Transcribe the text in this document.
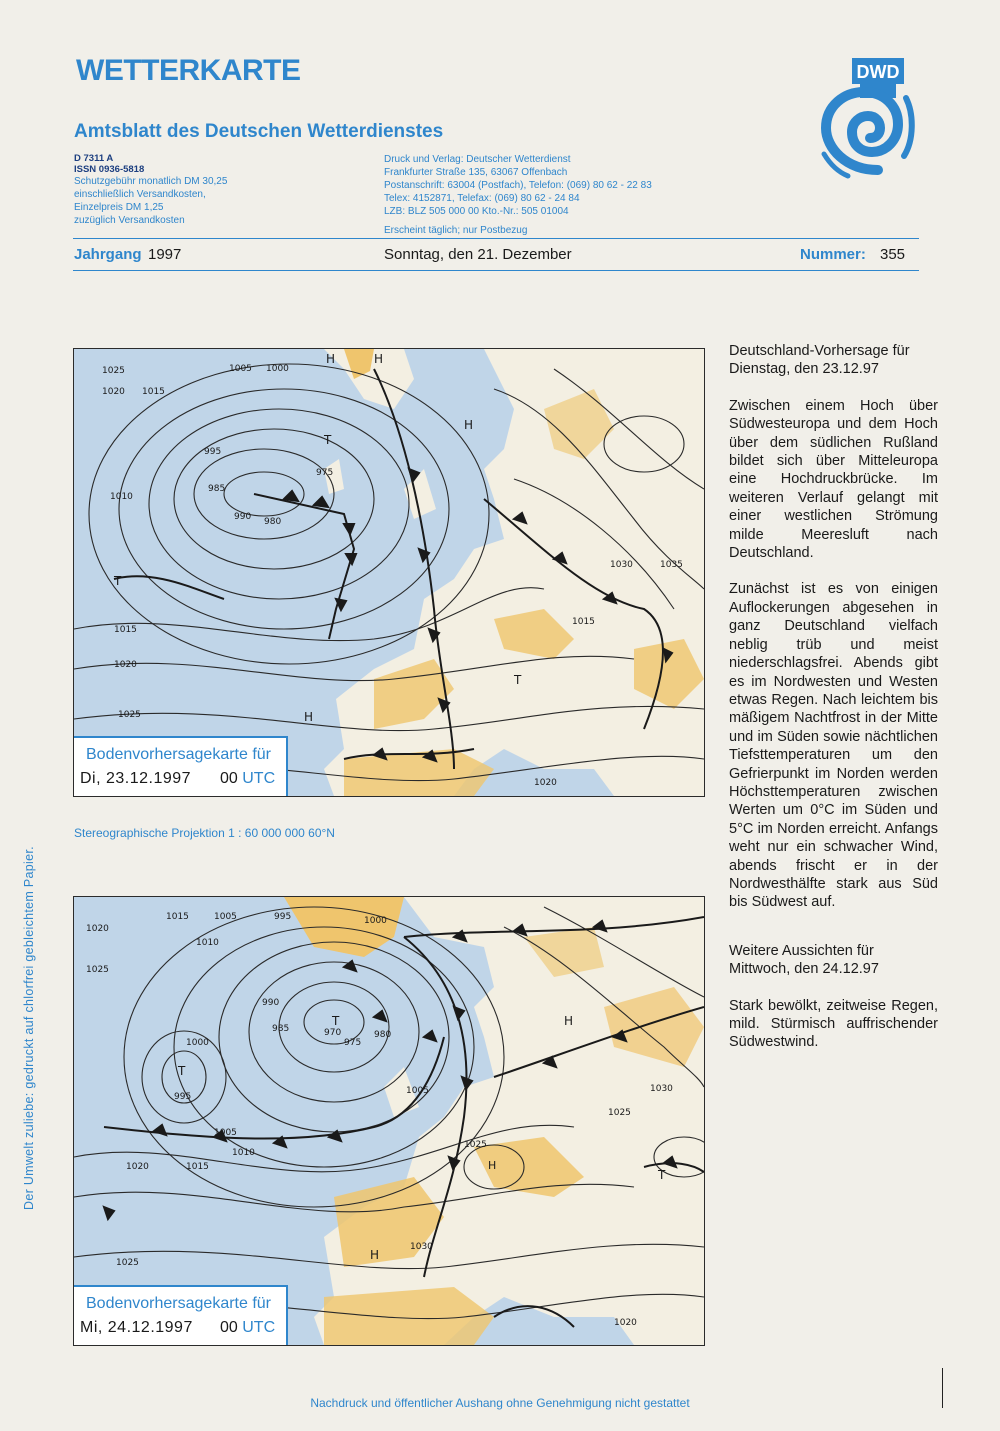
WETTERKARTE
Amtsblatt des Deutschen Wetterdienstes
DWD
D 7311 A
ISSN 0936-5818
Schutzgebühr monatlich DM 30,25
einschließlich Versandkosten,
Einzelpreis DM 1,25
zuzüglich Versandkosten
Druck und Verlag: Deutscher Wetterdienst
Frankfurter Straße 135, 63067 Offenbach
Postanschrift: 63004 (Postfach), Telefon: (069) 80 62 - 22 83
Telex: 4152871, Telefax: (069) 80 62 - 24 84
LZB: BLZ 505 000 00 Kto.-Nr.: 505 01004
Erscheint täglich; nur Postbezug
Jahrgang 1997	Sonntag, den 21. Dezember	Nummer: 355
1025	1005 1000
1020 1015
1010
995
975
985
990 980
H	H
H
H
T
T
T
1030	1035
1015
1020
1025
1015
1020
Bodenvorhersagekarte für
Di, 23.12.1997 00 UTC
Stereographische Projektion 1 : 60 000 000 60°N
1020
1015
1010
1005	995	1000
1025
990
985	970
975
980
1000
995
1005
1010
1015
1020
1025
1005
1025
T
T
T
H
H
H
1030
1025
1020
1030
Bodenvorhersagekarte für
Mi, 24.12.1997 00 UTC

Deutschland-Vorhersage für Dienstag, den 23.12.97

Zwischen einem Hoch über Südwesteuropa und dem Hoch über dem südlichen Rußland bildet sich über Mitteleuropa eine Hochdruckbrücke. Im weiteren Verlauf gelangt mit einer westlichen Strömung milde Meeresluft nach Deutschland.

Zunächst ist es von einigen Auflockerungen abgesehen in ganz Deutschland vielfach neblig trüb und meist niederschlagsfrei. Abends gibt es im Nordwesten und Westen etwas Regen. Nach leichtem bis mäßigem Nachtfrost in der Mitte und im Süden sowie nächtlichen Tiefsttemperaturen um den Gefrierpunkt im Norden werden Höchsttemperaturen zwischen Werten um 0°C im Süden und 5°C im Norden erreicht. Anfangs weht nur ein schwacher Wind, abends frischt er in der Nordwesthälfte stark aus Süd bis Südwest auf.

Weitere Aussichten für Mittwoch, den 24.12.97

Stark bewölkt, zeitweise Regen, mild. Stürmisch auffrischender Südwestwind.

Der Umwelt zuliebe: gedruckt auf chlorfrei gebleichtem Papier.
Nachdruck und öffentlicher Aushang ohne Genehmigung nicht gestattet
